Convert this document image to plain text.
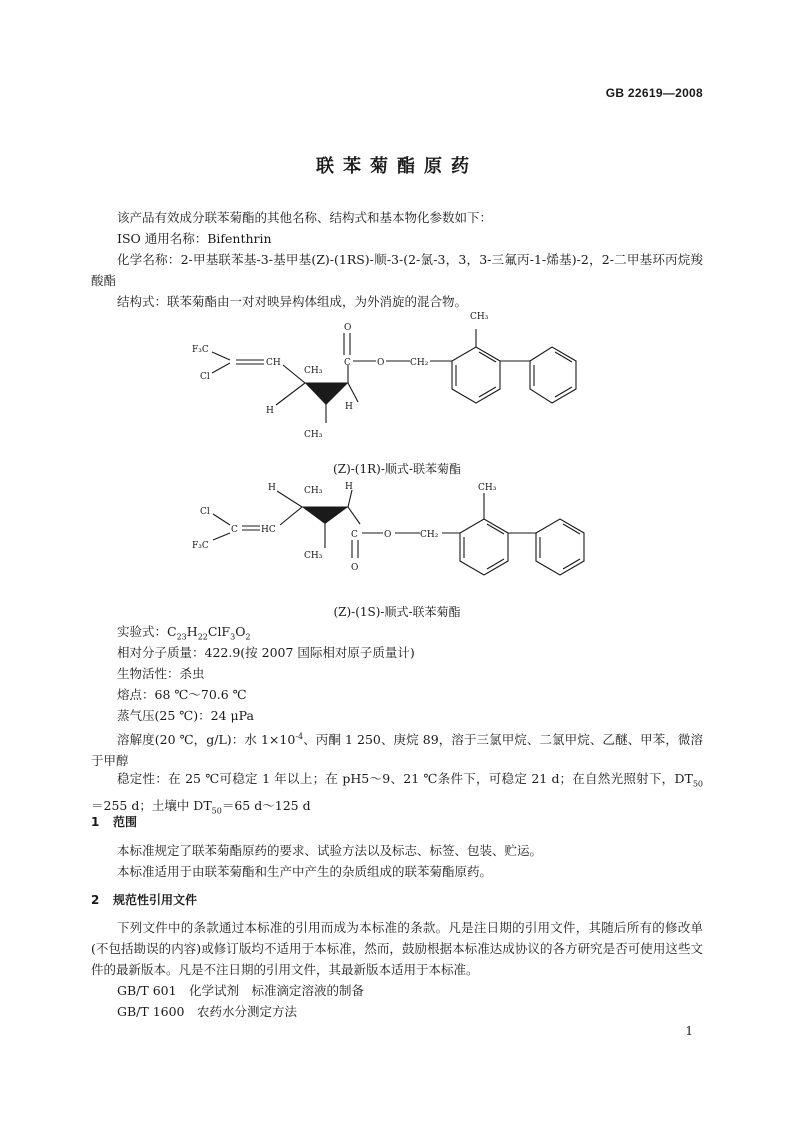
GB 22619—2008
联苯菊酯原药
该产品有效成分联苯菊酯的其他名称、结构式和基本物化参数如下：
ISO 通用名称：Bifenthrin
化学名称：2-甲基联苯基-3-基甲基(Z)-(1RS)-顺-3-(2-氯-3，3，3-三氟丙-1-烯基)-2，2-二甲基环丙烷羧酸酯
结构式：联苯菊酯由一对对映异构体组成，为外消旋的混合物。
F₃C
Cl
CH
CH₃
H	H
CH₃
O
C	O	CH₂
CH₃
(Z)-(1R)-顺式-联苯菊酯
Cl
F₃C
C	HC
H	CH₃	H
CH₃
C
O
O	CH₂
CH₃
(Z)-(1S)-顺式-联苯菊酯
实验式：$C_{23}H_{22}ClF_3O_2$
相对分子质量：422.9(按 2007 国际相对原子质量计)
生物活性：杀虫
熔点：68 ℃～70.6 ℃
蒸气压(25 ℃)：24 μPa
溶解度(20 ℃，g/L)：水 $1\times 10^{-4}$、丙酮 1 250、庚烷 89，溶于三氯甲烷、二氯甲烷、乙醚、甲苯，微溶于甲醇
稳定性：在 25 ℃可稳定 1 年以上；在 pH5～9、21 ℃条件下，可稳定 21 d；在自然光照射下，$DT_{50}=255$ d；土壤中 $DT_{50}=65$ d～125 d
1 范围
本标准规定了联苯菊酯原药的要求、试验方法以及标志、标签、包装、贮运。
本标准适用于由联苯菊酯和生产中产生的杂质组成的联苯菊酯原药。
2 规范性引用文件
下列文件中的条款通过本标准的引用而成为本标准的条款。凡是注日期的引用文件，其随后所有的修改单(不包括勘误的内容)或修订版均不适用于本标准，然而，鼓励根据本标准达成协议的各方研究是否可使用这些文件的最新版本。凡是不注日期的引用文件，其最新版本适用于本标准。
GB/T 601　化学试剂　标准滴定溶液的制备
GB/T 1600　农药水分测定方法
1
